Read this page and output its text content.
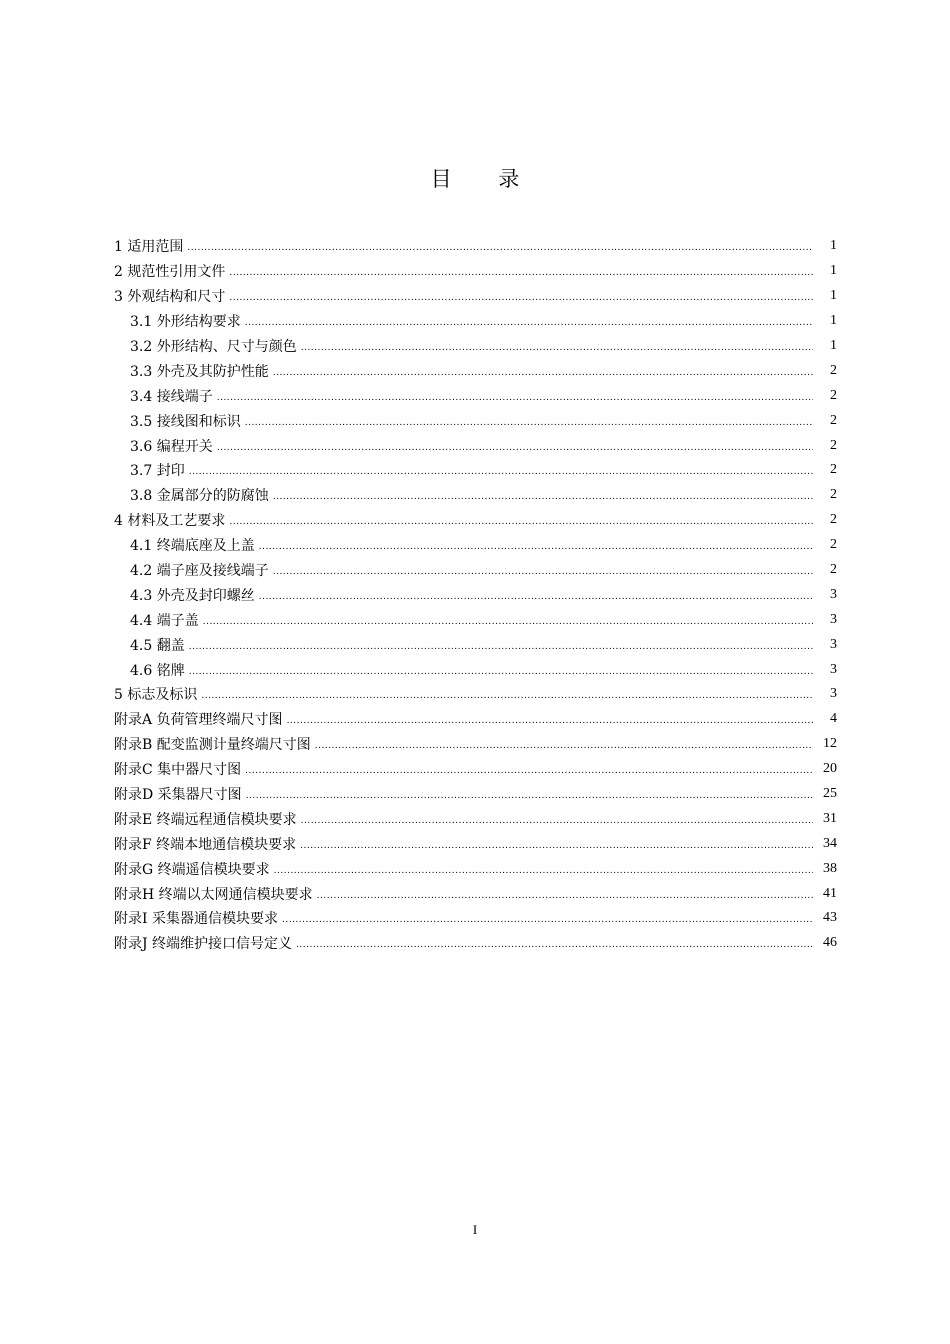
目 录
1 适用范围 .....	1
2 规范性引用文件 .....	1
3 外观结构和尺寸 .....	1
3.1 外形结构要求 .....	1
3.2 外形结构、尺寸与颜色 .....	1
3.3 外壳及其防护性能 .....	2
3.4 接线端子 .....	2
3.5 接线图和标识 .....	2
3.6 编程开关 .....	2
3.7 封印 .....	2
3.8 金属部分的防腐蚀 .....	2
4 材料及工艺要求 .....	2
4.1 终端底座及上盖 .....	2
4.2 端子座及接线端子 .....	2
4.3 外壳及封印螺丝 .....	3
4.4 端子盖 .....	3
4.5 翻盖 .....	3
4.6 铭牌 .....	3
5 标志及标识 .....	3
附录A 负荷管理终端尺寸图 .....	4
附录B 配变监测计量终端尺寸图 .....	12
附录C 集中器尺寸图 .....	20
附录D 采集器尺寸图 .....	25
附录E 终端远程通信模块要求 .....	31
附录F 终端本地通信模块要求 .....	34
附录G 终端遥信模块要求 .....	38
附录H 终端以太网通信模块要求 .....	41
附录I 采集器通信模块要求 .....	43
附录J 终端维护接口信号定义 .....	46
I
